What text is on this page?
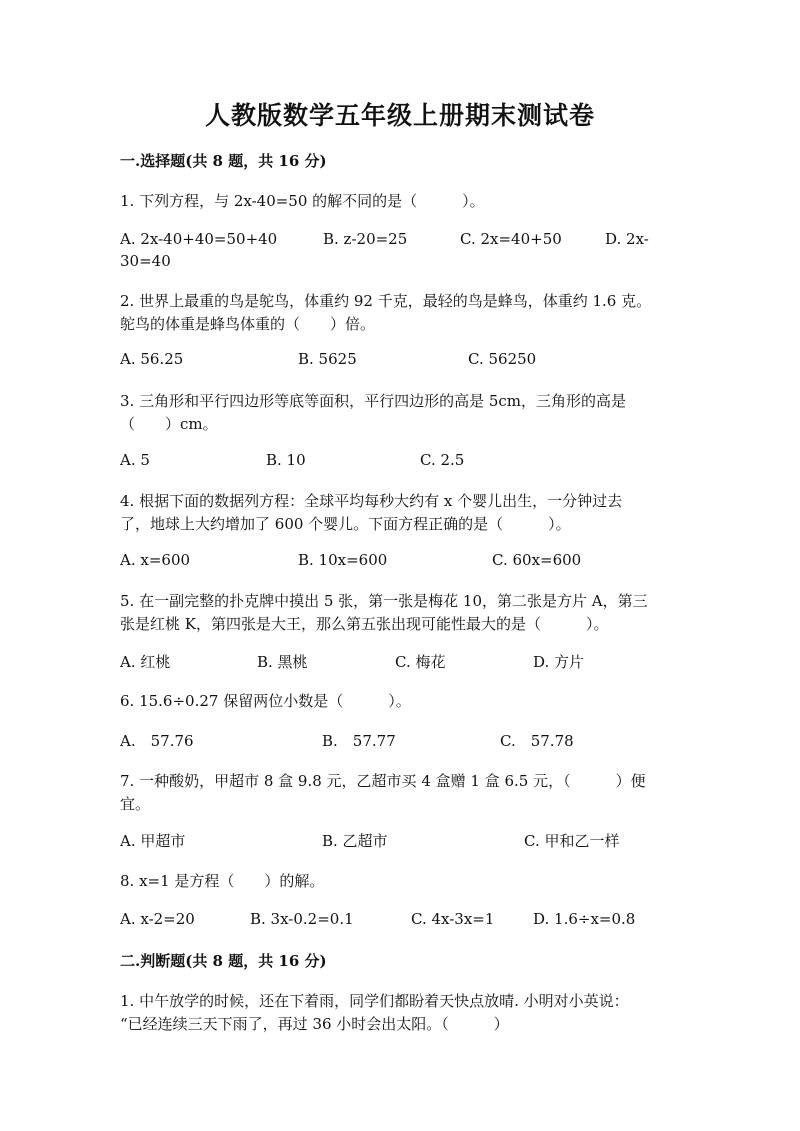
人教版数学五年级上册期末测试卷
一.选择题(共 8 题，共 16 分)
1. 下列方程，与 2x-40=50 的解不同的是（　　　）。
A. 2x-40+40=50+40	B. z-20=25	C. 2x=40+50	D. 2x-
30=40
2. 世界上最重的鸟是鸵鸟，体重约 92 千克，最轻的鸟是蜂鸟，体重约 1.6 克。
鸵鸟的体重是蜂鸟体重的（　　）倍。
A. 56.25	B. 5625	C. 56250
3. 三角形和平行四边形等底等面积，平行四边形的高是 5cm，三角形的高是
（　　）cm。
A. 5	B. 10	C. 2.5
4. 根据下面的数据列方程：全球平均每秒大约有 x 个婴儿出生，一分钟过去
了，地球上大约增加了 600 个婴儿。下面方程正确的是（　　　）。
A. x=600	B. 10x=600	C. 60x=600
5. 在一副完整的扑克牌中摸出 5 张，第一张是梅花 10，第二张是方片 A，第三
张是红桃 K，第四张是大王，那么第五张出现可能性最大的是（　　　）。
A. 红桃	B. 黑桃	C. 梅花	D. 方片
6. 15.6÷0.27 保留两位小数是（　　　）。
A.　57.76	B.　57.77	C.　57.78
7. 一种酸奶，甲超市 8 盒 9.8 元，乙超市买 4 盒赠 1 盒 6.5 元，（　　　）便
宜。
A. 甲超市	B. 乙超市	C. 甲和乙一样
8. x=1 是方程（　　）的解。
A. x-2=20	B. 3x-0.2=0.1	C. 4x-3x=1	D. 1.6÷x=0.8
二.判断题(共 8 题，共 16 分)
1. 中午放学的时候，还在下着雨，同学们都盼着天快点放晴. 小明对小英说：
“已经连续三天下雨了，再过 36 小时会出太阳。（　　　）
